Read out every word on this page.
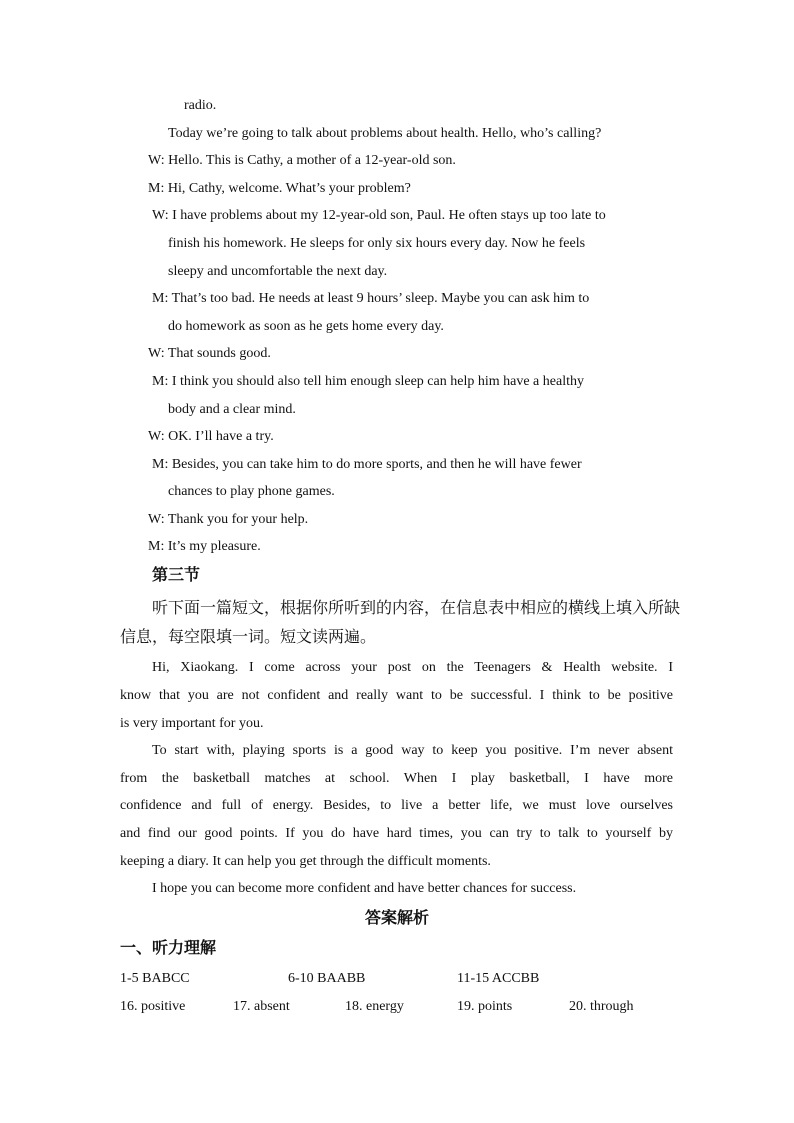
radio.
Today we’re going to talk about problems about health. Hello, who’s calling?
W: Hello. This is Cathy, a mother of a 12-year-old son.
M: Hi, Cathy, welcome. What’s your problem?
W: I have problems about my 12-year-old son, Paul. He often stays up too late to
finish his homework. He sleeps for only six hours every day. Now he feels
sleepy and uncomfortable the next day.
M: That’s too bad. He needs at least 9 hours’ sleep. Maybe you can ask him to
do homework as soon as he gets home every day.
W: That sounds good.
M: I think you should also tell him enough sleep can help him have a healthy
body and a clear mind.
W: OK. I’ll have a try.
M: Besides, you can take him to do more sports, and then he will have fewer
chances to play phone games.
W: Thank you for your help.
M: It’s my pleasure.
第三节
听下面一篇短文，根据你所听到的内容，在信息表中相应的横线上填入所缺
信息，每空限填一词。短文读两遍。
Hi, Xiaokang. I come across your post on the Teenagers & Health website. I
know that you are not confident and really want to be successful. I think to be positive
is very important for you.
To start with, playing sports is a good way to keep you positive. I’m never absent
from the basketball matches at school. When I play basketball, I have more
confidence and full of energy. Besides, to live a better life, we must love ourselves
and find our good points. If you do have hard times, you can try to talk to yourself by
keeping a diary. It can help you get through the difficult moments.
I hope you can become more confident and have better chances for success.
答案解析
一、听力理解
1-5 BABCC	6-10 BAABB	11-15 ACCBB
16. positive	17. absent	18. energy	19. points	20. through
